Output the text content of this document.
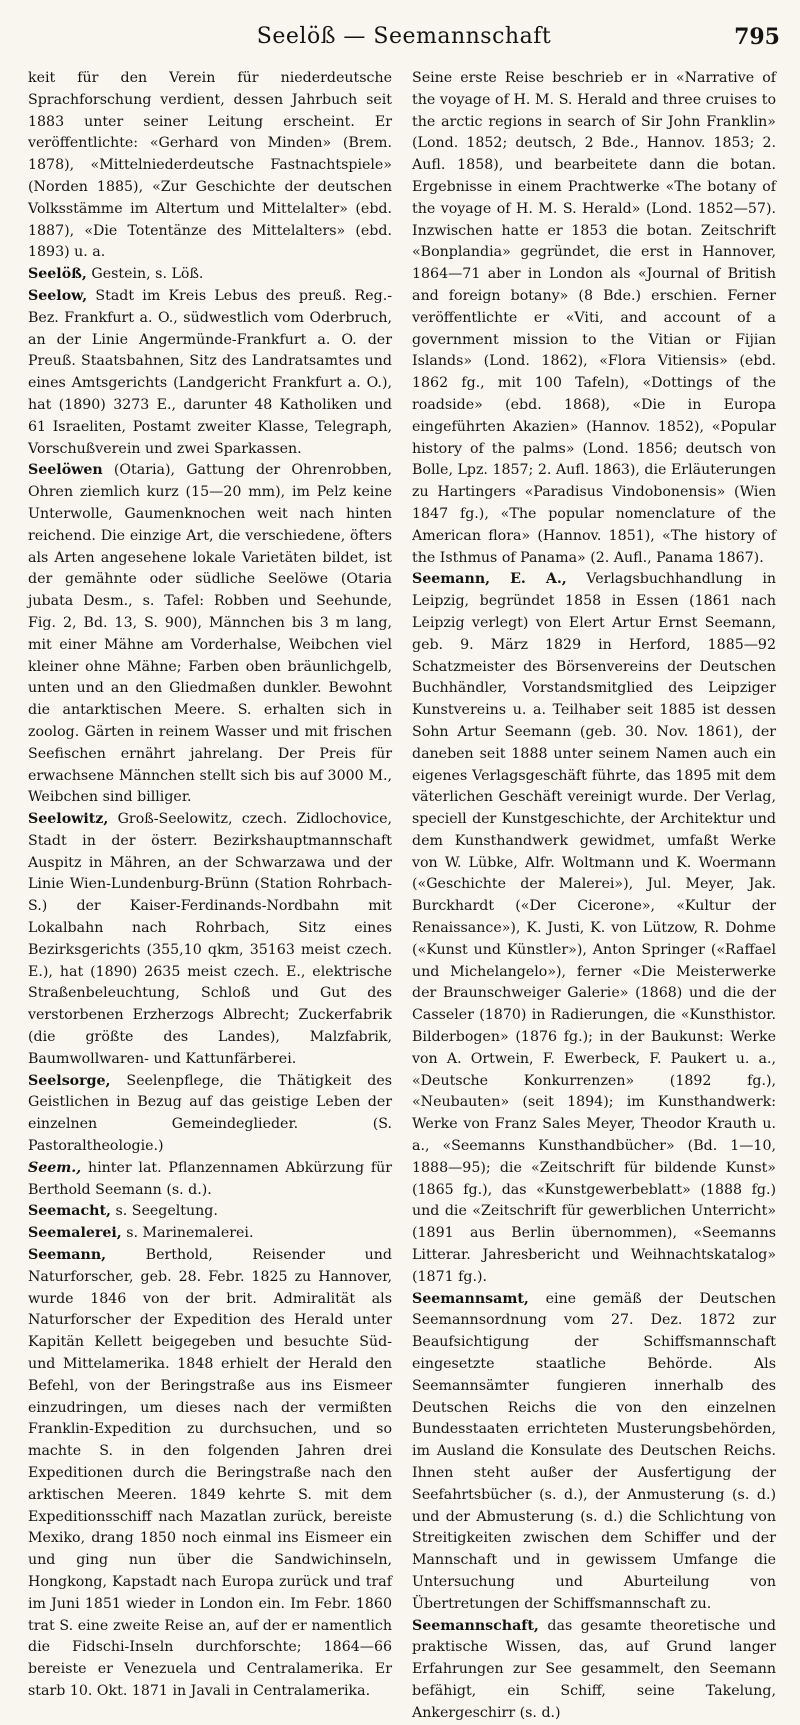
Seelöß — Seemannschaft	795

keit für den Verein für niederdeutsche Sprachforschung verdient, dessen Jahrbuch seit 1883 unter seiner Leitung erscheint. Er veröffentlichte: «Gerhard von Minden» (Brem. 1878), «Mittelniederdeutsche Fastnachtspiele» (Norden 1885), «Zur Geschichte der deutschen Volksstämme im Altertum und Mittelalter» (ebd. 1887), «Die Totentänze des Mittelalters» (ebd. 1893) u. a.

Seelöß, Gestein, s. Löß.

Seelow, Stadt im Kreis Lebus des preuß. Reg.-Bez. Frankfurt a. O., südwestlich vom Oderbruch, an der Linie Angermünde-Frankfurt a. O. der Preuß. Staatsbahnen, Sitz des Landratsamtes und eines Amtsgerichts (Landgericht Frankfurt a. O.), hat (1890) 3273 E., darunter 48 Katholiken und 61 Israeliten, Postamt zweiter Klasse, Telegraph, Vorschußverein und zwei Sparkassen.

Seelöwen (Otaria), Gattung der Ohrenrobben, Ohren ziemlich kurz (15—20 mm), im Pelz keine Unterwolle, Gaumenknochen weit nach hinten reichend. Die einzige Art, die verschiedene, öfters als Arten angesehene lokale Varietäten bildet, ist der gemähnte oder südliche Seelöwe (Otaria jubata Desm., s. Tafel: Robben und Seehunde, Fig. 2, Bd. 13, S. 900), Männchen bis 3 m lang, mit einer Mähne am Vorderhalse, Weibchen viel kleiner ohne Mähne; Farben oben bräunlichgelb, unten und an den Gliedmaßen dunkler. Bewohnt die antarktischen Meere. S. erhalten sich in zoolog. Gärten in reinem Wasser und mit frischen Seefischen ernährt jahrelang. Der Preis für erwachsene Männchen stellt sich bis auf 3000 M., Weibchen sind billiger.

Seelowitz, Groß-Seelowitz, czech. Zidlochovice, Stadt in der österr. Bezirkshauptmannschaft Auspitz in Mähren, an der Schwarzawa und der Linie Wien-Lundenburg-Brünn (Station Rohrbach-S.) der Kaiser-Ferdinands-Nordbahn mit Lokalbahn nach Rohrbach, Sitz eines Bezirksgerichts (355,10 qkm, 35163 meist czech. E.), hat (1890) 2635 meist czech. E., elektrische Straßenbeleuchtung, Schloß und Gut des verstorbenen Erzherzogs Albrecht; Zuckerfabrik (die größte des Landes), Malzfabrik, Baumwollwaren- und Kattunfärberei.

Seelsorge, Seelenpflege, die Thätigkeit des Geistlichen in Bezug auf das geistige Leben der einzelnen Gemeindeglieder. (S. Pastoraltheologie.)

Seem., hinter lat. Pflanzennamen Abkürzung für Berthold Seemann (s. d.).

Seemacht, s. Seegeltung.

Seemalerei, s. Marinemalerei.

Seemann, Berthold, Reisender und Naturforscher, geb. 28. Febr. 1825 zu Hannover, wurde 1846 von der brit. Admiralität als Naturforscher der Expedition des Herald unter Kapitän Kellett beigegeben und besuchte Süd- und Mittelamerika. 1848 erhielt der Herald den Befehl, von der Beringstraße aus ins Eismeer einzudringen, um dieses nach der vermißten Franklin-Expedition zu durchsuchen, und so machte S. in den folgenden Jahren drei Expeditionen durch die Beringstraße nach den arktischen Meeren. 1849 kehrte S. mit dem Expeditionsschiff nach Mazatlan zurück, bereiste Mexiko, drang 1850 noch einmal ins Eismeer ein und ging nun über die Sandwichinseln, Hongkong, Kapstadt nach Europa zurück und traf im Juni 1851 wieder in London ein. Im Febr. 1860 trat S. eine zweite Reise an, auf der er namentlich die Fidschi-Inseln durchforschte; 1864—66 bereiste er Venezuela und Centralamerika. Er starb 10. Okt. 1871 in Javali in Centralamerika.

Seine erste Reise beschrieb er in «Narrative of the voyage of H. M. S. Herald and three cruises to the arctic regions in search of Sir John Franklin» (Lond. 1852; deutsch, 2 Bde., Hannov. 1853; 2. Aufl. 1858), und bearbeitete dann die botan. Ergebnisse in einem Prachtwerke «The botany of the voyage of H. M. S. Herald» (Lond. 1852—57). Inzwischen hatte er 1853 die botan. Zeitschrift «Bonplandia» gegründet, die erst in Hannover, 1864—71 aber in London als «Journal of British and foreign botany» (8 Bde.) erschien. Ferner veröffentlichte er «Viti, and account of a government mission to the Vitian or Fijian Islands» (Lond. 1862), «Flora Vitiensis» (ebd. 1862 fg., mit 100 Tafeln), «Dottings of the roadside» (ebd. 1868), «Die in Europa eingeführten Akazien» (Hannov. 1852), «Popular history of the palms» (Lond. 1856; deutsch von Bolle, Lpz. 1857; 2. Aufl. 1863), die Erläuterungen zu Hartingers «Paradisus Vindobonensis» (Wien 1847 fg.), «The popular nomenclature of the American flora» (Hannov. 1851), «The history of the Isthmus of Panama» (2. Aufl., Panama 1867).

Seemann, E. A., Verlagsbuchhandlung in Leipzig, begründet 1858 in Essen (1861 nach Leipzig verlegt) von Elert Artur Ernst Seemann, geb. 9. März 1829 in Herford, 1885—92 Schatzmeister des Börsenvereins der Deutschen Buchhändler, Vorstandsmitglied des Leipziger Kunstvereins u. a. Teilhaber seit 1885 ist dessen Sohn Artur Seemann (geb. 30. Nov. 1861), der daneben seit 1888 unter seinem Namen auch ein eigenes Verlagsgeschäft führte, das 1895 mit dem väterlichen Geschäft vereinigt wurde. Der Verlag, speciell der Kunstgeschichte, der Architektur und dem Kunsthandwerk gewidmet, umfaßt Werke von W. Lübke, Alfr. Woltmann und K. Woermann («Geschichte der Malerei»), Jul. Meyer, Jak. Burckhardt («Der Cicerone», «Kultur der Renaissance»), K. Justi, K. von Lützow, R. Dohme («Kunst und Künstler»), Anton Springer («Raffael und Michelangelo»), ferner «Die Meisterwerke der Braunschweiger Galerie» (1868) und die der Casseler (1870) in Radierungen, die «Kunsthistor. Bilderbogen» (1876 fg.); in der Baukunst: Werke von A. Ortwein, F. Ewerbeck, F. Paukert u. a., «Deutsche Konkurrenzen» (1892 fg.), «Neubauten» (seit 1894); im Kunsthandwerk: Werke von Franz Sales Meyer, Theodor Krauth u. a., «Seemanns Kunsthandbücher» (Bd. 1—10, 1888—95); die «Zeitschrift für bildende Kunst» (1865 fg.), das «Kunstgewerbeblatt» (1888 fg.) und die «Zeitschrift für gewerblichen Unterricht» (1891 aus Berlin übernommen), «Seemanns Litterar. Jahresbericht und Weihnachtskatalog» (1871 fg.).

Seemannsamt, eine gemäß der Deutschen Seemannsordnung vom 27. Dez. 1872 zur Beaufsichtigung der Schiffsmannschaft eingesetzte staatliche Behörde. Als Seemannsämter fungieren innerhalb des Deutschen Reichs die von den einzelnen Bundesstaaten errichteten Musterungsbehörden, im Ausland die Konsulate des Deutschen Reichs. Ihnen steht außer der Ausfertigung der Seefahrtsbücher (s. d.), der Anmusterung (s. d.) und der Abmusterung (s. d.) die Schlichtung von Streitigkeiten zwischen dem Schiffer und der Mannschaft und in gewissem Umfange die Untersuchung und Aburteilung von Übertretungen der Schiffsmannschaft zu.

Seemannschaft, das gesamte theoretische und praktische Wissen, das, auf Grund langer Erfahrungen zur See gesammelt, den Seemann befähigt, ein Schiff, seine Takelung, Ankergeschirr (s. d.)
